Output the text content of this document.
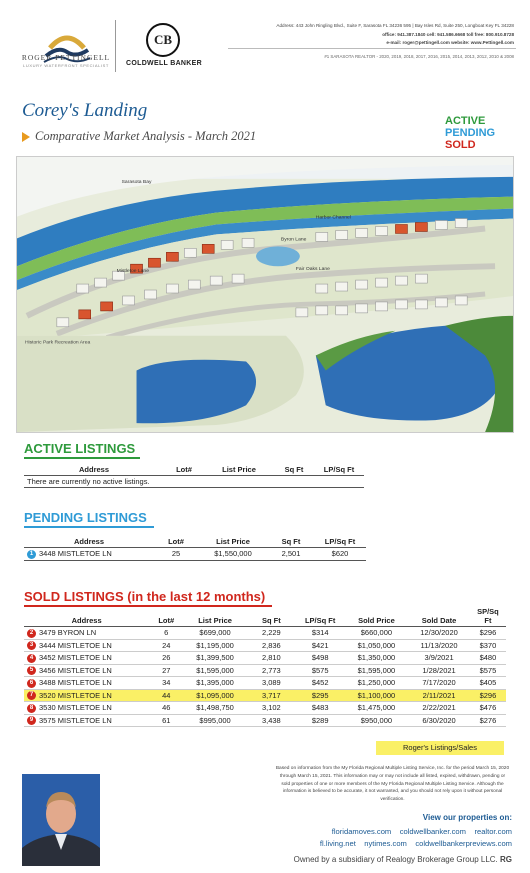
ROGER PETTINGELL
LUXURY WATERFRONT SPECIALIST
CB
COLDWELL BANKER
Address: 443 John Ringling Blvd., Suite F, Sarasota FL 34236 595 | Bay Isles Rd, Suite 250, Longboat Key FL 34228
office: 941.387.1840 cell: 941.586.6668 toll free: 800.910.8728
e-mail: roger@pettingell.com website: www.Pettingell.com
#1 SARASOTA REALTOR - 2020, 2019, 2018, 2017, 2016, 2015, 2014, 2013, 2012, 2010 & 2008
Corey's Landing
Comparative Market Analysis - March 2021
ACTIVE
PENDING
SOLD
Historic Park Recreation Area
Sarasota Bay
Harbor Channel
Byron Lane
Mistletoe Lane	Fair Oaks Lane
ACTIVE LISTINGS
Address	Lot#	List Price	Sq Ft	LP/Sq Ft
There are currently no active listings.
PENDING LISTINGS
Address	Lot#	List Price	Sq Ft	LP/Sq Ft
1 3448 MISTLETOE LN	25	$1,550,000	2,501	$620
SOLD LISTINGS (in the last 12 months)
Address	Lot#	List Price	Sq Ft	LP/Sq Ft	Sold Price	Sold Date	SP/Sq Ft
2 3479 BYRON LN	6	$699,000	2,229	$314	$660,000	12/30/2020	$296
3 3444 MISTLETOE LN	24	$1,195,000	2,836	$421	$1,050,000	11/13/2020	$370
4 3452 MISTLETOE LN	26	$1,399,500	2,810	$498	$1,350,000	3/9/2021	$480
5 3456 MISTLETOE LN	27	$1,595,000	2,773	$575	$1,595,000	1/28/2021	$575
6 3488 MISTLETOE LN	34	$1,395,000	3,089	$452	$1,250,000	7/17/2020	$405
7 3520 MISTLETOE LN	44	$1,095,000	3,717	$295	$1,100,000	2/11/2021	$296
8 3530 MISTLETOE LN	46	$1,498,750	3,102	$483	$1,475,000	2/22/2021	$476
9 3575 MISTLETOE LN	61	$995,000	3,438	$289	$950,000	6/30/2020	$276
Roger's Listings/Sales
Based on information from the My Florida Regional Multiple Listing Service, Inc. for the period March 15, 2020 through March 15, 2021. This information may or may not include all listed, expired, withdrawn, pending or sold properties of one or more members of the My Florida Regional Multiple Listing Service. Although the information is believed to be accurate, it not warranted, and you should not rely upon it without personal verification.
View our properties on:
floridamoves.com coldwellbanker.com realtor.com
fl.living.net nytimes.com coldwellbankerpreviews.com
Owned by a subsidiary of Realogy Brokerage Group LLC. RG
